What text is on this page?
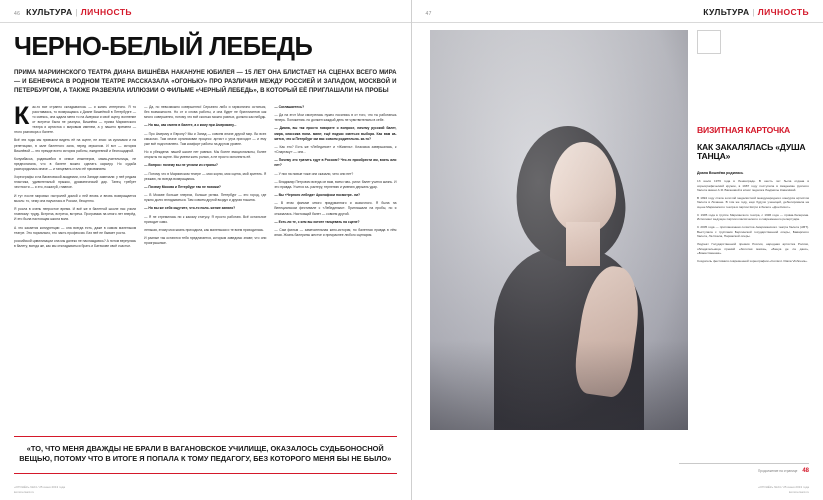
46 КУЛЬТУРА | ЛИЧНОСТЬ
ЧЕРНО-БЕЛЫЙ ЛЕБЕДЬ
ПРИМА МАРИИНСКОГО ТЕАТРА ДИАНА ВИШНЁВА НАКАНУНЕ ЮБИЛЕЯ — 15 ЛЕТ ОНА БЛИСТАЕТ НА СЦЕНАХ ВСЕГО МИРА — И БЕНЕФИСА В РОДНОМ ТЕАТРЕ РАССКАЗАЛА «ОГОНЬКУ» ПРО РАЗЛИЧИЯ МЕЖДУ РОССИЕЙ И ЗАПАДОМ, МОСКВОЙ И ПЕТЕРБУРГОМ, А ТАКЖЕ РАЗВЕЯЛА ИЛЛЮЗИИ О ФИЛЬМЕ «ЧЕРНЫЙ ЛЕБЕДЬ», В КОТОРЫЙ ЕЁ ПРИГЛАШАЛИ НА ПРОБЫ

Как-то все странно складывалось — и жизнь интересно. Я то расставаясь, то возвращаясь к Диане Вишнёвой в Петербурге — то смеясь, она ждала меня то на Америки и своё сцену, волнение от встречи была не разлука, Вишнёва — прима Мариинского театра и артистка с мировым именем, а у нашего времени — этого разговора о балете.

Всё эти годы мы привыкли видеть её на сцене, не зная: за кулисами и на репетициях, в зале балетного зала, перед зеркалом. И вот — история Вишнёвой — это прежде всего история работы, ежедневной и беспощадной.

Колумбасса, родившейся в семье инженеров, мама-учительницы, не предполагала, что в балете можно сделать карьеру. Но судьба распорядилась иначе — и танцевать стало её призванием.

Хореографы и на Вагановской академии, и на Западе замечали: у неё редкая пластика, удивительный прыжок, драматический дар. Танец требует честности — и это, пожалуй, главное.

И тут после мировых гастролей домой к ней вновь и вновь возвращается мысль: то, чему она научилась в России, бесценно.

Я росла в очень непростое время. И всё же в балетной школе нас учили главному: труду. Встреча, встреча, встреча. Программа на много лет вперёд. И это была настоящая школа воли.

А что касается конкуренции — она всегда есть, даже в самом маленьком театре. Это нормально, это часть профессии. Без неё не бывает роста.

российской цивилизации она мы далеко не наслаждаюсь? А потом вернулась в балету, всегда же, как мы откладываться брать и Батюкове своё счастье.

— Да, но невозможно совершенно! Серьезно либо и гармонично остаться, без возможности. Но от и слова работы, и она будет не бриллиантов как много совершенно, потому что всё сколько можно разных, должно как нибудь.

— Но мы, как сменя в балете, а к кому при Американу...

— Про Америку и Европу? Мы и Запад — совсем иначе другой мир. Во всех смыслах. Там иначе организован процесс: артист с утра приходит — и ему уже всё подготовлено. Там комфорт работы на другом уровне.

Но я убеждена: нашей школе нет равных. Мы более эмоциональны, более открыты на сцене. Мы умеем жить ролью, а не просто исполнять её.

— Вопрос: почему вы не уехали из страны?

— Потому что в Мариинском театре — мои корни, моя сцена, мой зритель. Я уезжаю, но всегда возвращаюсь.

— Почему Москва и Петербург так не похожи?

— В Москве больше энергии, больше ритма. Петербург — это город, где нужно долго вглядываться. Там совсем другой воздух и другая тишина.

— Но вы же себя ощутите, что-то поло- жение заняло?

— Я не стремилась ни к какому статусу. Я просто работаю. Всё остальное приходит само.

ленькая, этому моя жизнь приходила, как маленькая и те всем приходилась.

И разные так остаются тебя предлагается, которым заведомо знают, что они проигрышные.

— Соглашаетесь?

— Да на этот Мои смотрелась нужно носились в от того, что ты работаешь теперь. Положения- но должен каждый день не чувствительны в себе.

— Диана, вы так просто говорите о вопросе, ничему русский балет, мира, классика пони- мают, ещё подчас иметься выбора. Как вам ка- жется, что ж Петербург им вас совсем родительни- ки-то?

— Как это? Есть же «Лебединое» и «Жизель». Классика завершалась, к «Спартаку» — они...

— Почему это тратить едут в Россию? Что-то приобрести им, взять или нет?

— У них на новые тоже они сказали, чего они нет?

— Владимир Петрович всегда он вам, всем гово- рили: балет учится жизнь. И это правда. Учится ха- рактеру, терпению и умению держать удар.

— Вы «Черного лебедя» Аронофски посмотре- ли?

— В этом фильме много придуманного и сказочного. Я была на Венецианском фестивале с «Лебединым». Приглашали на пробы, но я отказалась. Настоящий балет — совсем другой.

— Есть ли те, с кем вы хотите танцевать на сцене?

— Сам фильм — замечательная кино-история, но балетная правда в нём иная. Жизнь балерины жестче и прекраснее любого сценария.

«ТО, ЧТО МЕНЯ ДВАЖДЫ НЕ БРАЛИ В ВАГАНОВСКОЕ УЧИЛИЩЕ, ОКАЗАЛОСЬ СУДЬБОНОСНОЙ ВЕЩЬЮ, ПОТОМУ ЧТО В ИТОГЕ Я ПОПАЛА К ТОМУ ПЕДАГОГУ, БЕЗ КОТОРОГО МЕНЯ БЫ НЕ БЫЛО»
«ОГОНЁК» №24 / 25 июня 2013 года
kommersant.ru
47	КУЛЬТУРА | ЛИЧНОСТЬ
ВИЗИТНАЯ КАРТОЧКА
КАК ЗАКАЛЯЛАСЬ «ДУША ТАНЦА»
Диана Вишнёва родилась

13 июля 1976 года в Ленинграде. В шесть лет была отдана в хореографический кружок, в 1987 году поступила в Академию русского балета имени А.Я. Вагановой в класс педагога Людмилы Ковалёвой.

В 1994 году стала золотой медалисткой международного конкурса артистов балета в Лозанне. В том же году, ещё будучи ученицей, дебютировала на сцене Мариинского театра в партии Китри в балете «Дон Кихот».

С 1995 года в труппе Мариинского театра, с 1996 года — прима-балерина. Исполняет ведущие партии классического и современного репертуара.

С 2005 года — приглашённая солистка Американского театра балета (ABT). Выступала с труппами Берлинской государственной оперы, Баварского балета, Ла Скала, Парижской оперы.

Лауреат Государственной премии России, народная артистка России, обладательница премий «Золотая маска», «Бенуа де ла данс», «Божественная».

Создатель фестиваля современной хореографии «Context. Diana Vishneva».

Продолжение на странице 48
«ОГОНЁК» №24 / 25 июня 2013 года
kommersant.ru
